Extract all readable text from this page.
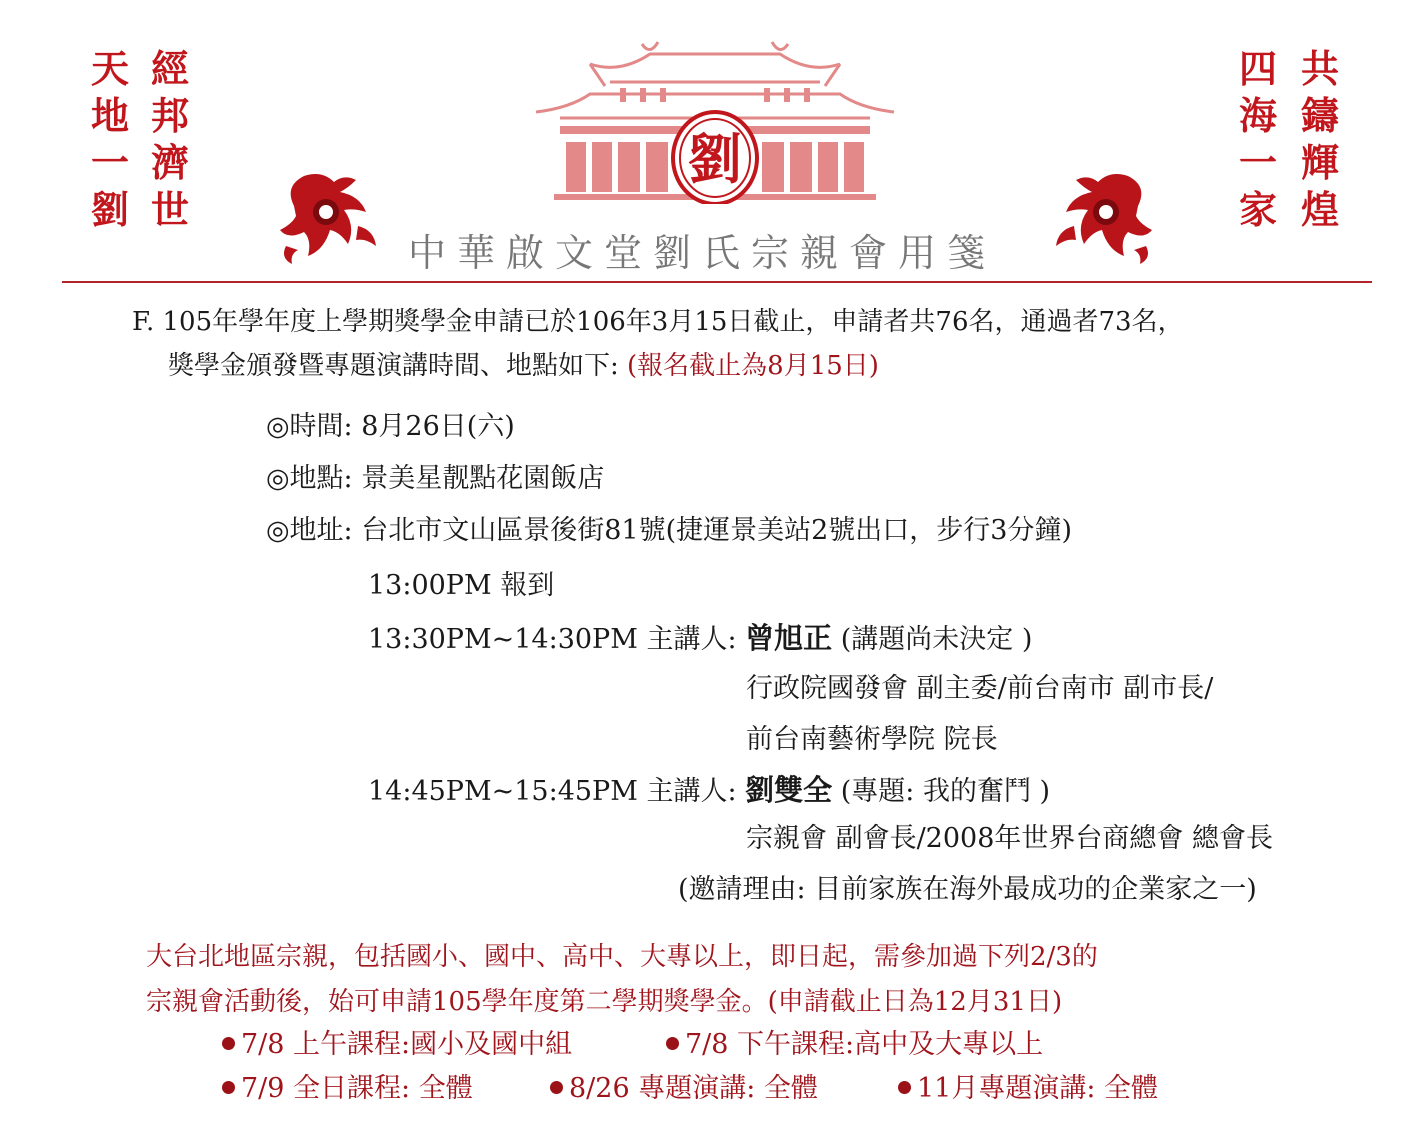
天
地
一
劉
經
邦
濟
世
四
海
一
家
共
鑄
輝
煌
劉
中華啟文堂劉氏宗親會用箋
F. 105年學年度上學期獎學金申請已於106年3月15日截止，申請者共76名，通過者73名，
獎學金頒發暨專題演講時間、地點如下: (報名截止為8月15日)
◎時間: 8月26日(六)
◎地點: 景美星靓點花園飯店
◎地址: 台北市文山區景後街81號(捷運景美站2號出口，步行3分鐘)
13:00PM 報到
13:30PM~14:30PM 主講人: 曾旭正 (講題尚未決定 )
行政院國發會 副主委/前台南市 副市長/
前台南藝術學院 院長
14:45PM~15:45PM 主講人: 劉雙全 (專題: 我的奮鬥 )
宗親會 副會長/2008年世界台商總會 總會長
(邀請理由: 目前家族在海外最成功的企業家之一)
大台北地區宗親，包括國小、國中、高中、大專以上，即日起，需參加過下列2/3的
宗親會活動後，始可申請105學年度第二學期獎學金。(申請截止日為12月31日)
7/8 上午課程:國小及國中組	7/8 下午課程:高中及大專以上
7/9 全日課程: 全體	8/26 專題演講: 全體	11月專題演講: 全體
